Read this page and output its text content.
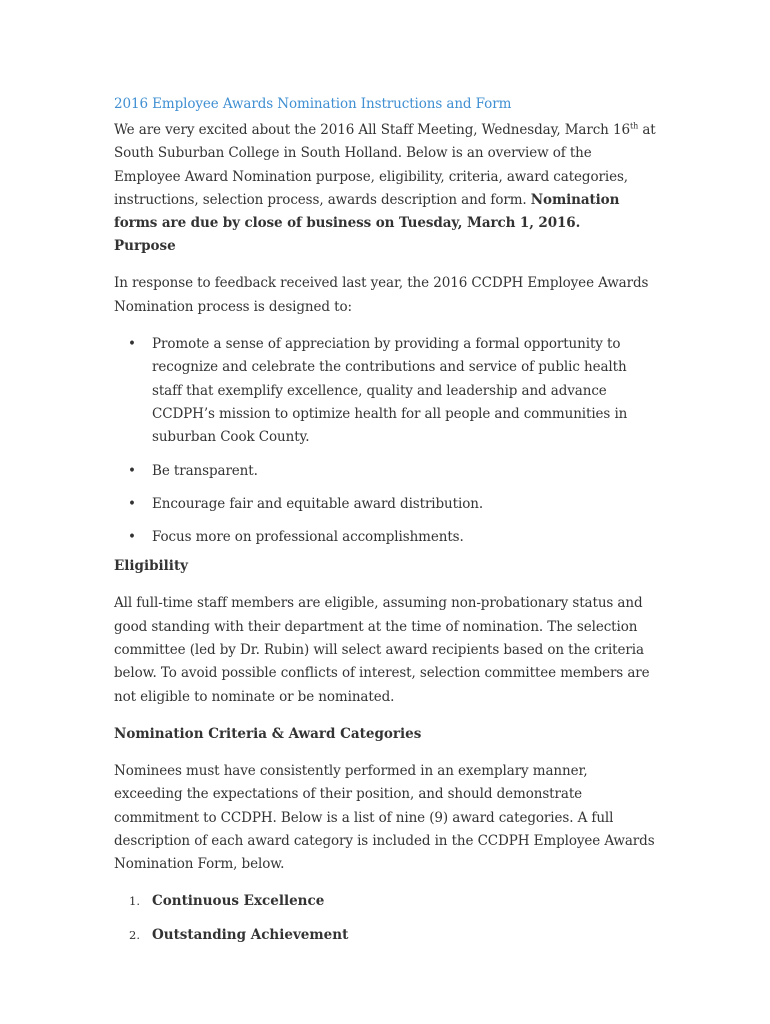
2016 Employee Awards Nomination Instructions and Form

We are very excited about the 2016 All Staff Meeting, Wednesday, March 16th at South Suburban College in South Holland. Below is an overview of the Employee Award Nomination purpose, eligibility, criteria, award categories, instructions, selection process, awards description and form. Nomination forms are due by close of business on Tuesday, March 1, 2016.

Purpose

In response to feedback received last year, the 2016 CCDPH Employee Awards Nomination process is designed to:

• Promote a sense of appreciation by providing a formal opportunity to recognize and celebrate the contributions and service of public health staff that exemplify excellence, quality and leadership and advance CCDPH’s mission to optimize health for all people and communities in suburban Cook County.
• Be transparent.
• Encourage fair and equitable award distribution.
• Focus more on professional accomplishments.
Eligibility

All full-time staff members are eligible, assuming non-probationary status and good standing with their department at the time of nomination. The selection committee (led by Dr. Rubin) will select award recipients based on the criteria below. To avoid possible conflicts of interest, selection committee members are not eligible to nominate or be nominated.

Nomination Criteria & Award Categories

Nominees must have consistently performed in an exemplary manner, exceeding the expectations of their position, and should demonstrate commitment to CCDPH. Below is a list of nine (9) award categories. A full description of each award category is included in the CCDPH Employee Awards Nomination Form, below.

1. Continuous Excellence
2. Outstanding Achievement
